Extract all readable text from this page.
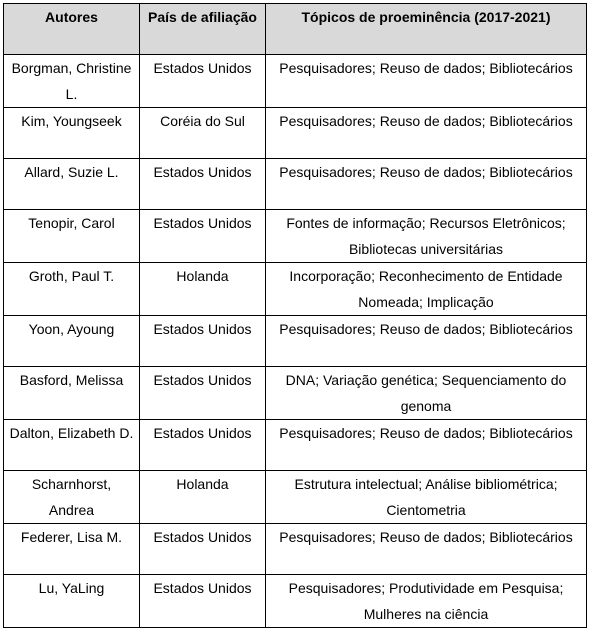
Autores	País de afiliação	Tópicos de proeminência (2017-2021)
Borgman, Christine L.	Estados Unidos	Pesquisadores; Reuso de dados; Bibliotecários
Kim, Youngseek	Coréia do Sul	Pesquisadores; Reuso de dados; Bibliotecários
Allard, Suzie L.	Estados Unidos	Pesquisadores; Reuso de dados; Bibliotecários
Tenopir, Carol	Estados Unidos	Fontes de informação; Recursos Eletrônicos; Bibliotecas universitárias
Groth, Paul T.	Holanda	Incorporação; Reconhecimento de Entidade Nomeada; Implicação
Yoon, Ayoung	Estados Unidos	Pesquisadores; Reuso de dados; Bibliotecários
Basford, Melissa	Estados Unidos	DNA; Variação genética; Sequenciamento do genoma
Dalton, Elizabeth D.	Estados Unidos	Pesquisadores; Reuso de dados; Bibliotecários
Scharnhorst, Andrea	Holanda	Estrutura intelectual; Análise bibliométrica; Cientometria
Federer, Lisa M.	Estados Unidos	Pesquisadores; Reuso de dados; Bibliotecários
Lu, YaLing	Estados Unidos	Pesquisadores; Produtividade em Pesquisa; Mulheres na ciência
